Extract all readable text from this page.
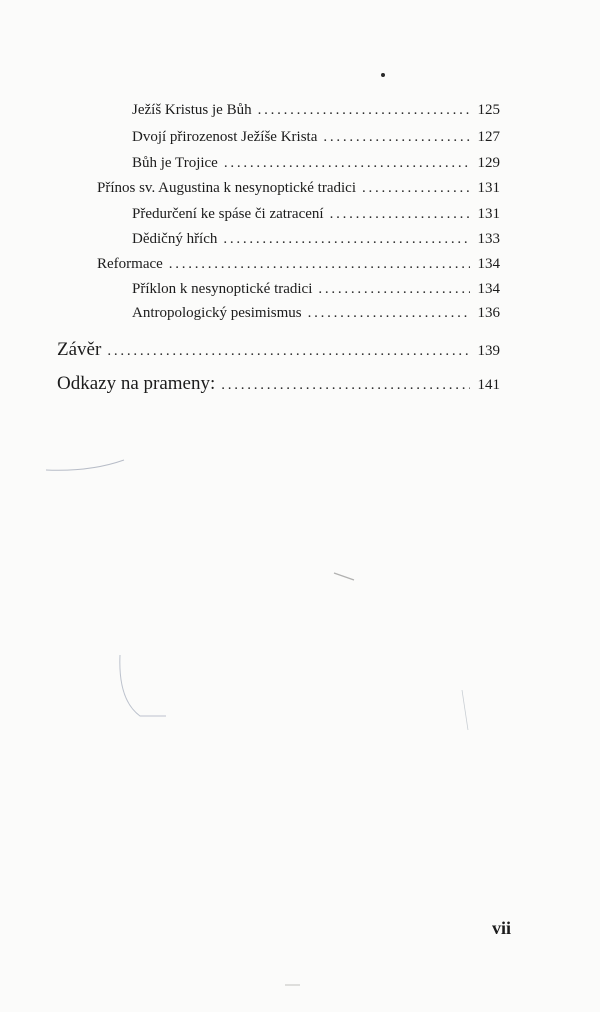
Ježíš Kristus je Bůh . . .	125
Dvojí přirozenost Ježíše Krista . . .	127
Bůh je Trojice . . .	129
Přínos sv. Augustina k nesynoptické tradici . . .	131
Předurčení ke spáse či zatracení . . .	131
Dědičný hřích . . .	133
Reformace . . .	134
Příklon k nesynoptické tradici . . .	134
Antropologický pesimismus . . .	136
Závěr . . .	139
Odkazy na prameny: . . .	141
vii
